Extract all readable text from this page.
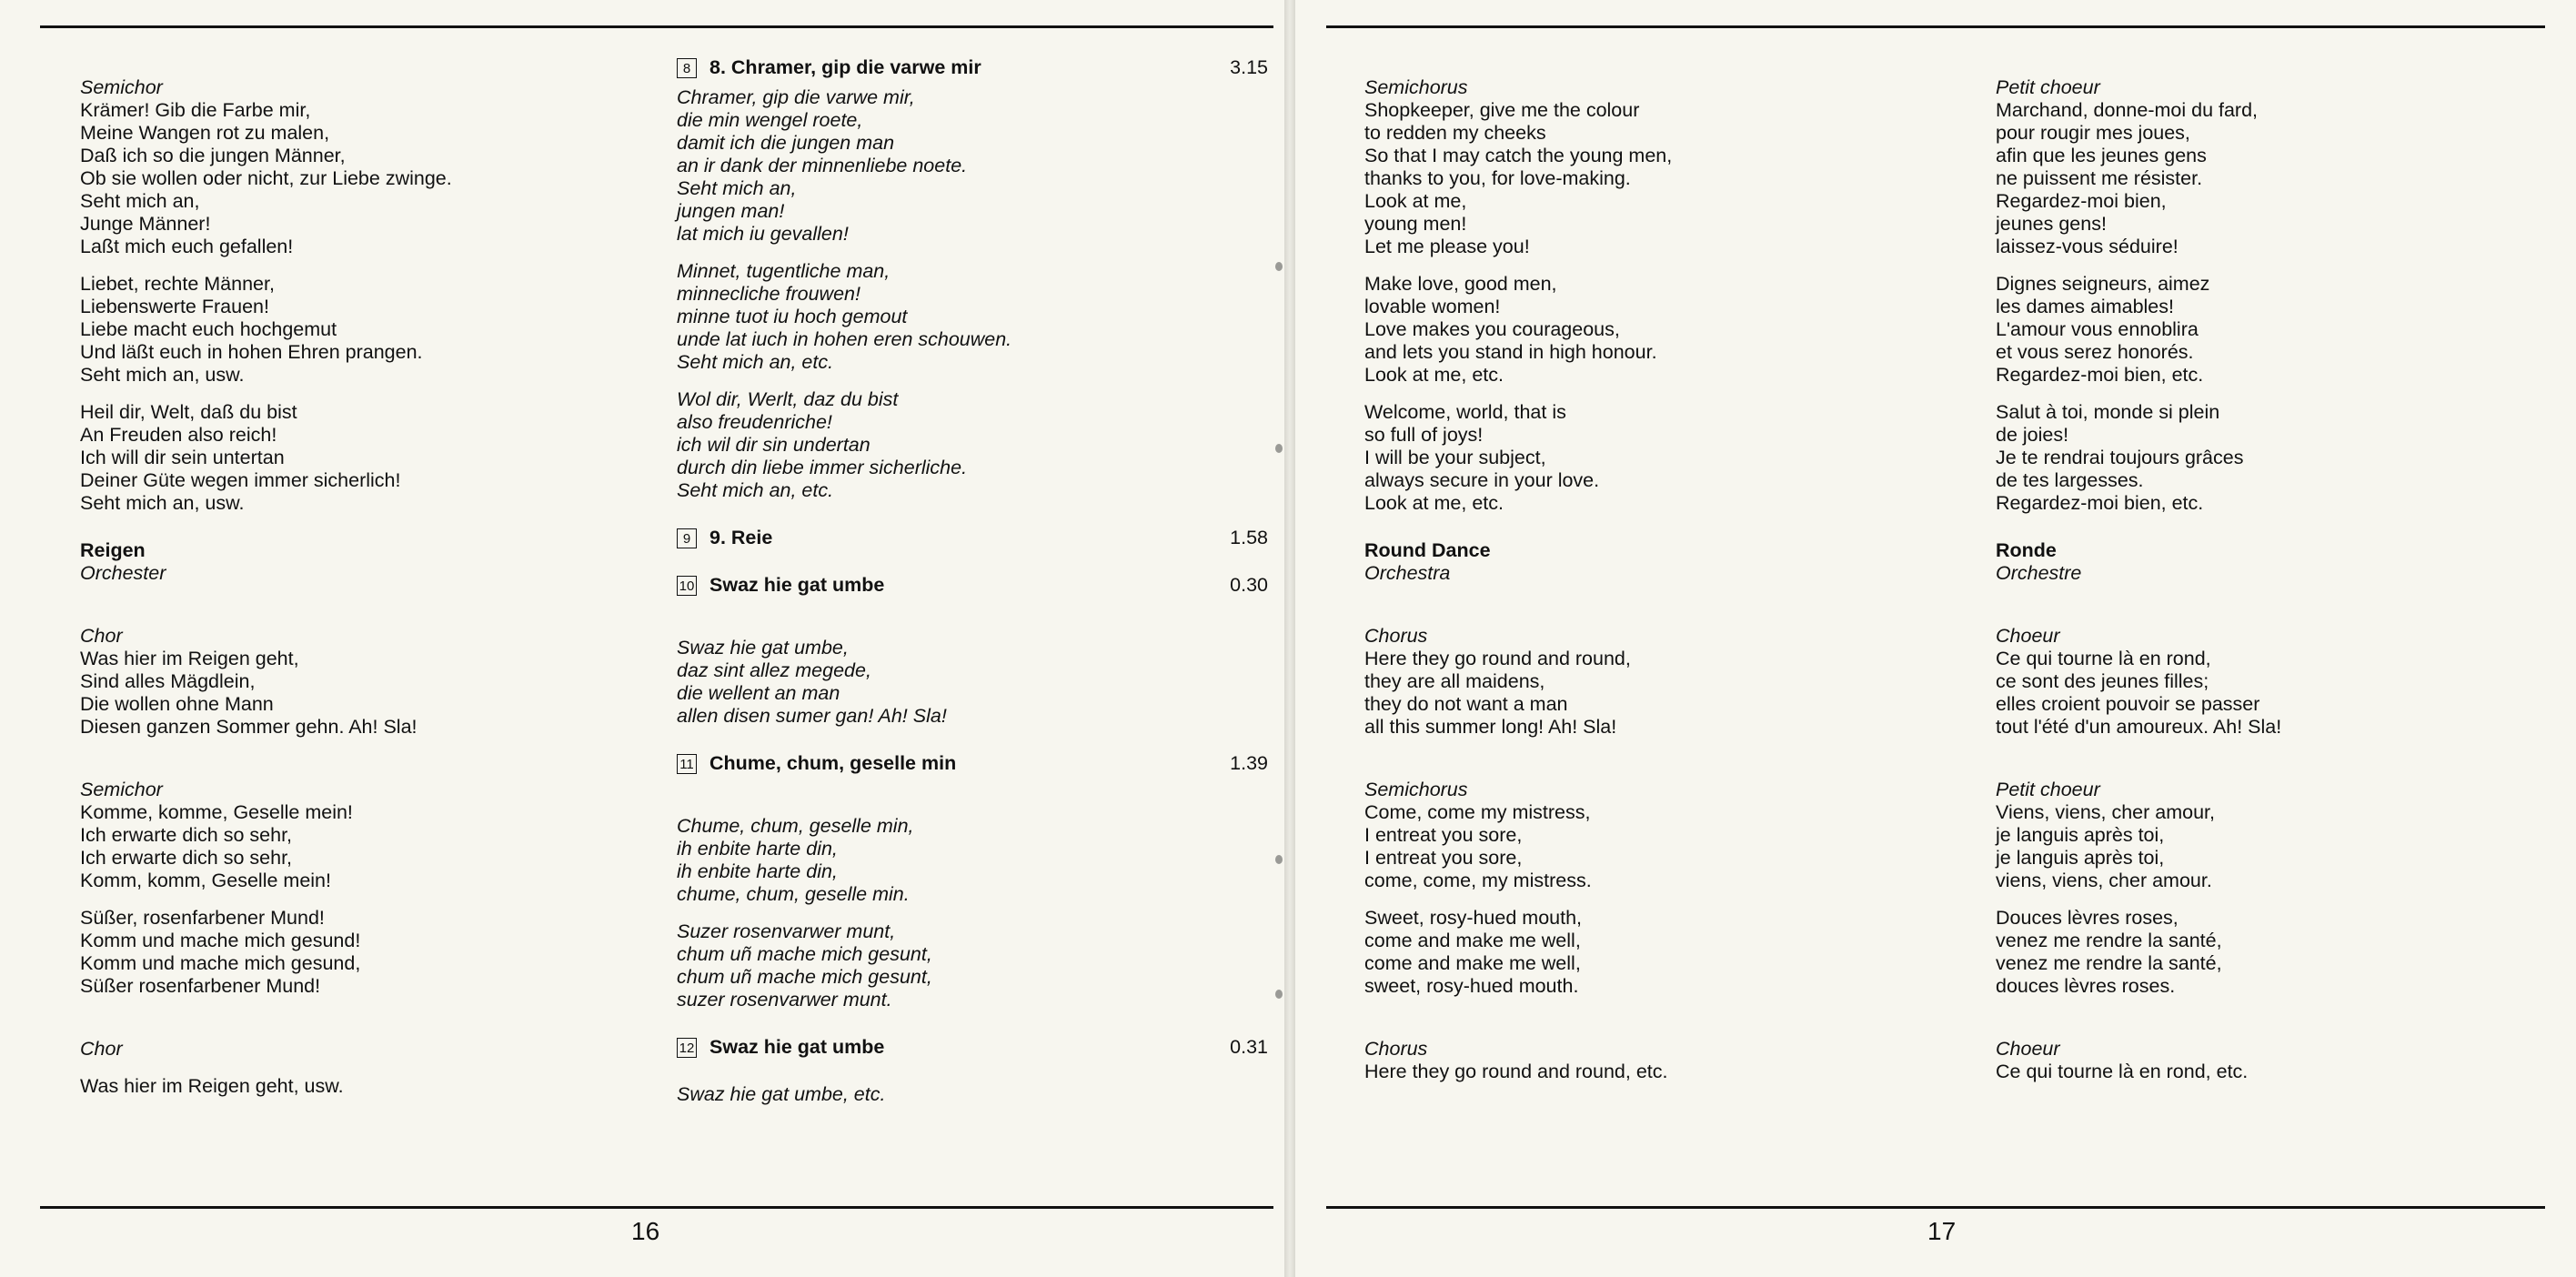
Semichor
Krämer! Gib die Farbe mir,
Meine Wangen rot zu malen,
Daß ich so die jungen Männer,
Ob sie wollen oder nicht, zur Liebe zwinge.
Seht mich an,
Junge Männer!
Laßt mich euch gefallen!
Liebet, rechte Männer,
Liebenswerte Frauen!
Liebe macht euch hochgemut
Und läßt euch in hohen Ehren prangen.
Seht mich an, usw.
Heil dir, Welt, daß du bist
An Freuden also reich!
Ich will dir sein untertan
Deiner Güte wegen immer sicherlich!
Seht mich an, usw.
Reigen
Orchester
Chor
Was hier im Reigen geht,
Sind alles Mägdlein,
Die wollen ohne Mann
Diesen ganzen Sommer gehn. Ah! Sla!
Semichor
Komme, komme, Geselle mein!
Ich erwarte dich so sehr,
Ich erwarte dich so sehr,
Komm, komm, Geselle mein!
Süßer, rosenfarbener Mund!
Komm und mache mich gesund!
Komm und mache mich gesund,
Süßer rosenfarbener Mund!
Chor
Was hier im Reigen geht, usw.
8 8. Chramer, gip die varwe mir	3.15
Chramer, gip die varwe mir,
die min wengel roete,
damit ich die jungen man
an ir dank der minnenliebe noete.
Seht mich an,
jungen man!
lat mich iu gevallen!
Minnet, tugentliche man,
minnecliche frouwen!
minne tuot iu hoch gemout
unde lat iuch in hohen eren schouwen.
Seht mich an, etc.
Wol dir, Werlt, daz du bist
also freudenriche!
ich wil dir sin undertan
durch din liebe immer sicherliche.
Seht mich an, etc.
9 9. Reie	1.58
10 Swaz hie gat umbe	0.30
Swaz hie gat umbe,
daz sint allez megede,
die wellent an man
allen disen sumer gan! Ah! Sla!
11 Chume, chum, geselle min	1.39
Chume, chum, geselle min,
ih enbite harte din,
ih enbite harte din,
chume, chum, geselle min.
Suzer rosenvarwer munt,
chum uñ mache mich gesunt,
chum uñ mache mich gesunt,
suzer rosenvarwer munt.
12 Swaz hie gat umbe	0.31
Swaz hie gat umbe, etc.
16
Semichorus
Shopkeeper, give me the colour
to redden my cheeks
So that I may catch the young men,
thanks to you, for love-making.
Look at me,
young men!
Let me please you!
Make love, good men,
lovable women!
Love makes you courageous,
and lets you stand in high honour.
Look at me, etc.
Welcome, world, that is
so full of joys!
I will be your subject,
always secure in your love.
Look at me, etc.
Round Dance
Orchestra
Chorus
Here they go round and round,
they are all maidens,
they do not want a man
all this summer long! Ah! Sla!
Semichorus
Come, come my mistress,
I entreat you sore,
I entreat you sore,
come, come, my mistress.
Sweet, rosy-hued mouth,
come and make me well,
come and make me well,
sweet, rosy-hued mouth.
Chorus
Here they go round and round, etc.
Petit choeur
Marchand, donne-moi du fard,
pour rougir mes joues,
afin que les jeunes gens
ne puissent me résister.
Regardez-moi bien,
jeunes gens!
laissez-vous séduire!
Dignes seigneurs, aimez
les dames aimables!
L'amour vous ennoblira
et vous serez honorés.
Regardez-moi bien, etc.
Salut à toi, monde si plein
de joies!
Je te rendrai toujours grâces
de tes largesses.
Regardez-moi bien, etc.
Ronde
Orchestre
Choeur
Ce qui tourne là en rond,
ce sont des jeunes filles;
elles croient pouvoir se passer
tout l'été d'un amoureux. Ah! Sla!
Petit choeur
Viens, viens, cher amour,
je languis après toi,
je languis après toi,
viens, viens, cher amour.
Douces lèvres roses,
venez me rendre la santé,
venez me rendre la santé,
douces lèvres roses.
Choeur
Ce qui tourne là en rond, etc.
17
